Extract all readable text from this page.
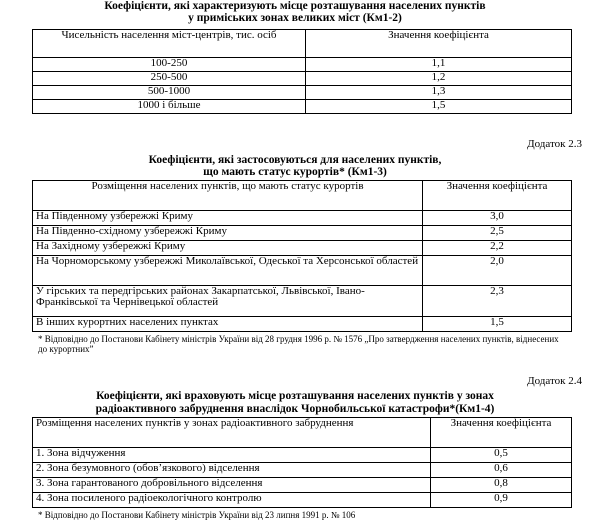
Коефіцієнти, які характеризують місце розташування населених пунктів
у приміських зонах великих міст (Км1-2)
Чисельність населення міст-центрів, тис. осіб	Значення коефіцієнта
100-250	1,1
250-500	1,2
500-1000	1,3
1000 і більше	1,5
Додаток 2.3
Коефіцієнти, які застосовуються для населених пунктів,
що мають статус курортів* (Км1-3)
Розміщення населених пунктів, що мають статус курортів	Значення коефіцієнта
На Південному узбережжі Криму	3,0
На Південно-східному узбережжі Криму	2,5
На Західному узбережжі Криму	2,2
На Чорноморському узбережжі Миколаївської, Одеської та Херсонської областей	2,0
У гірських та передгірських районах Закарпатської, Львівської, Івано-Франківської та Чернівецької областей	2,3
В інших курортних населених пунктах	1,5
* Відповідно до Постанови Кабінету міністрів України від 28 грудня 1996 р. № 1576 „Про затвердження населених пунктів, віднесених до курортних”
Додаток 2.4
Коефіцієнти, які враховують місце розташування населених пунктів у зонах
радіоактивного забруднення внаслідок Чорнобильської катастрофи*(Км1-4)
Розміщення населених пунктів у зонах радіоактивного забруднення	Значення коефіцієнта
1. Зона відчуження	0,5
2. Зона безумовного (обов’язкового) відселення	0,6
3. Зона гарантованого добровільного відселення	0,8
4. Зона посиленого радіоекологічного контролю	0,9
* Відповідно до Постанови Кабінету міністрів України від 23 липня 1991 р. № 106
